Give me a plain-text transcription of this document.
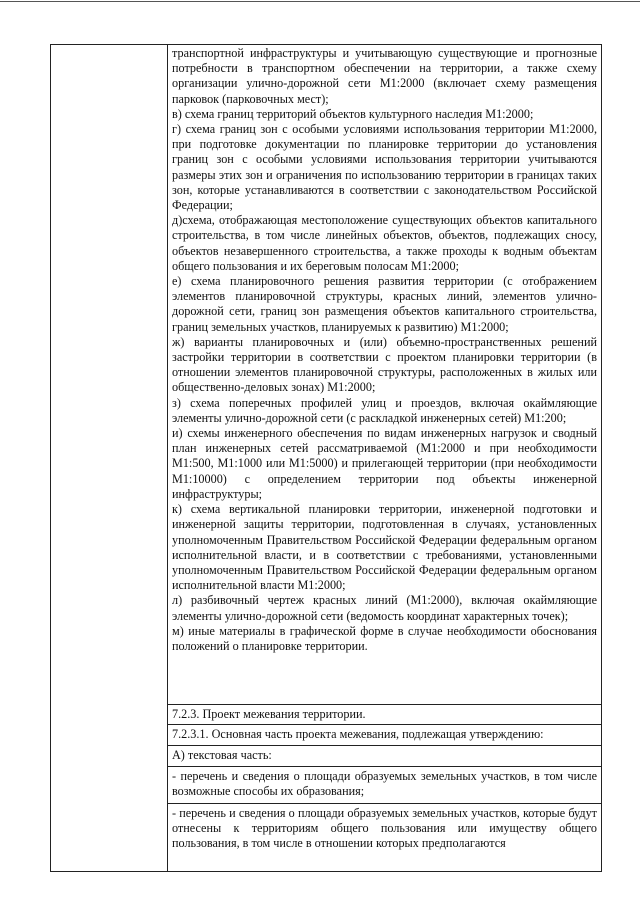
транспортной инфраструктуры и учитывающую существующие и прогнозные потребности в транспортном обеспечении на территории, а также схему организации улично-дорожной сети М1:2000 (включает схему размещения парковок (парковочных мест);

в) схема границ территорий объектов культурного наследия М1:2000;

г) схема границ зон с особыми условиями использования территории М1:2000, при подготовке документации по планировке территории до установления границ зон с особыми условиями использования территории учитываются размеры этих зон и ограничения по использованию территории в границах таких зон, которые устанавливаются в соответствии с законодательством Российской Федерации;

д)схема, отображающая местоположение существующих объектов капитального строительства, в том числе линейных объектов, объектов, подлежащих сносу, объектов незавершенного строительства, а также проходы к водным объектам общего пользования и их береговым полосам М1:2000;

е) схема планировочного решения развития территории (с отображением элементов планировочной структуры, красных линий, элементов улично-дорожной сети, границ зон размещения объектов капитального строительства, границ земельных участков, планируемых к развитию) М1:2000;

ж) варианты планировочных и (или) объемно-пространственных решений застройки территории в соответствии с проектом планировки территории (в отношении элементов планировочной структуры, расположенных в жилых или общественно-деловых зонах) М1:2000;

з) схема поперечных профилей улиц и проездов, включая окаймляющие элементы улично-дорожной сети (с раскладкой инженерных сетей) М1:200;

и) схемы инженерного обеспечения по видам инженерных нагрузок и сводный план инженерных сетей рассматриваемой (М1:2000 и при необходимости М1:500, М1:1000 или М1:5000) и прилегающей территории (при необходимости М1:10000) с определением территории под объекты инженерной инфраструктуры;

к) схема вертикальной планировки территории, инженерной подготовки и инженерной защиты территории, подготовленная в случаях, установленных уполномоченным Правительством Российской Федерации федеральным органом исполнительной власти, и в соответствии с требованиями, установленными уполномоченным Правительством Российской Федерации федеральным органом исполнительной власти М1:2000;

л) разбивочный чертеж красных линий (М1:2000), включая окаймляющие элементы улично-дорожной сети (ведомость координат характерных точек);

м) иные материалы в графической форме в случае необходимости обоснования положений о планировке территории.

7.2.3. Проект межевания территории.

7.2.3.1. Основная часть проекта межевания, подлежащая утверждению:

А) текстовая часть:

- перечень и сведения о площади образуемых земельных участков, в том числе возможные способы их образования;

- перечень и сведения о площади образуемых земельных участков, которые будут отнесены к территориям общего пользования или имуществу общего пользования, в том числе в отношении которых предполагаются
